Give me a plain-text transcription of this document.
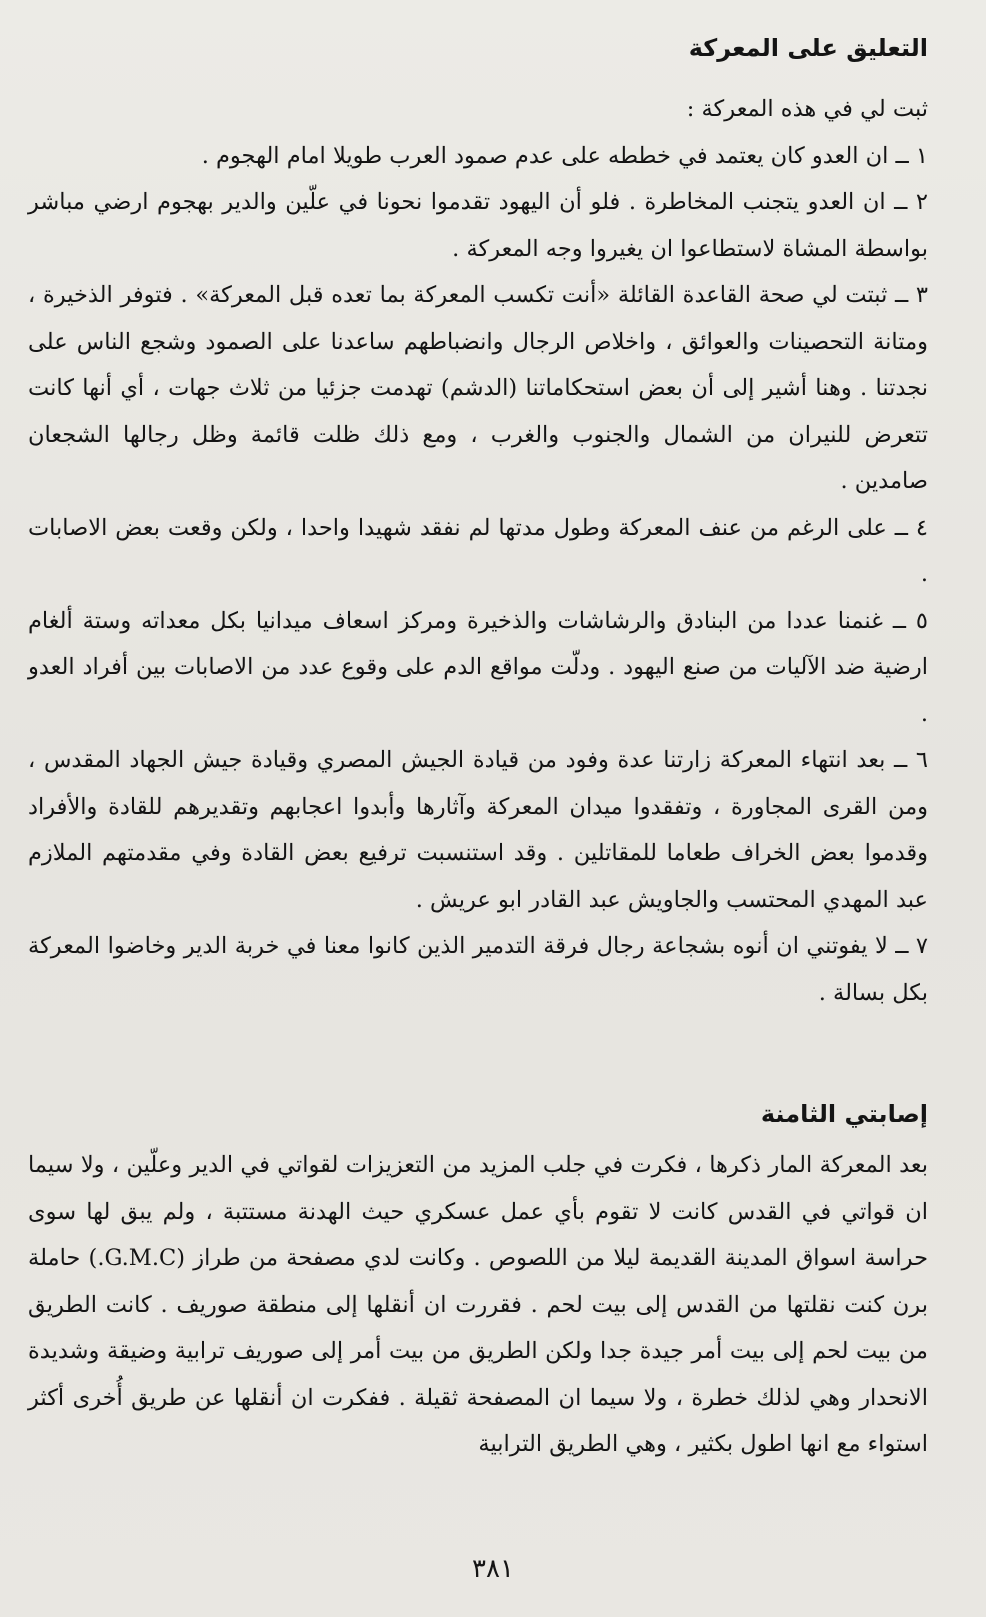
التعليق على المعركة

ثبت لي في هذه المعركة :

١ ــ ان العدو كان يعتمد في خططه على عدم صمود العرب طويلا امام الهجوم .

٢ ــ ان العدو يتجنب المخاطرة . فلو أن اليهود تقدموا نحونا في علّين والدير بهجوم ارضي مباشر بواسطة المشاة لاستطاعوا ان يغيروا وجه المعركة .

٣ ــ ثبتت لي صحة القاعدة القائلة «أنت تكسب المعركة بما تعده قبل المعركة» . فتوفر الذخيرة ، ومتانة التحصينات والعوائق ، واخلاص الرجال وانضباطهم ساعدنا على الصمود وشجع الناس على نجدتنا . وهنا أشير إلى أن بعض استحكاماتنا (الدشم) تهدمت جزئيا من ثلاث جهات ، أي أنها كانت تتعرض للنيران من الشمال والجنوب والغرب ، ومع ذلك ظلت قائمة وظل رجالها الشجعان صامدين .

٤ ــ على الرغم من عنف المعركة وطول مدتها لم نفقد شهيدا واحدا ، ولكن وقعت بعض الاصابات .

٥ ــ غنمنا عددا من البنادق والرشاشات والذخيرة ومركز اسعاف ميدانيا بكل معداته وستة ألغام ارضية ضد الآليات من صنع اليهود . ودلّت مواقع الدم على وقوع عدد من الاصابات بين أفراد العدو .

٦ ــ بعد انتهاء المعركة زارتنا عدة وفود من قيادة الجيش المصري وقيادة جيش الجهاد المقدس ، ومن القرى المجاورة ، وتفقدوا ميدان المعركة وآثارها وأبدوا اعجابهم وتقديرهم للقادة والأفراد وقدموا بعض الخراف طعاما للمقاتلين . وقد استنسبت ترفيع بعض القادة وفي مقدمتهم الملازم عبد المهدي المحتسب والجاويش عبد القادر ابو عريش .

٧ ــ لا يفوتني ان أنوه بشجاعة رجال فرقة التدمير الذين كانوا معنا في خربة الدير وخاضوا المعركة بكل بسالة .

إصابتي الثامنة

بعد المعركة المار ذكرها ، فكرت في جلب المزيد من التعزيزات لقواتي في الدير وعلّين ، ولا سيما ان قواتي في القدس كانت لا تقوم بأي عمل عسكري حيث الهدنة مستتبة ، ولم يبق لها سوى حراسة اسواق المدينة القديمة ليلا من اللصوص . وكانت لدي مصفحة من طراز (G.M.C.) حاملة برن كنت نقلتها من القدس إلى بيت لحم . فقررت ان أنقلها إلى منطقة صوريف . كانت الطريق من بيت لحم إلى بيت أمر جيدة جدا ولكن الطريق من بيت أمر إلى صوريف ترابية وضيقة وشديدة الانحدار وهي لذلك خطرة ، ولا سيما ان المصفحة ثقيلة . ففكرت ان أنقلها عن طريق أُخرى أكثر استواء مع انها اطول بكثير ، وهي الطريق الترابية

٣٨١
